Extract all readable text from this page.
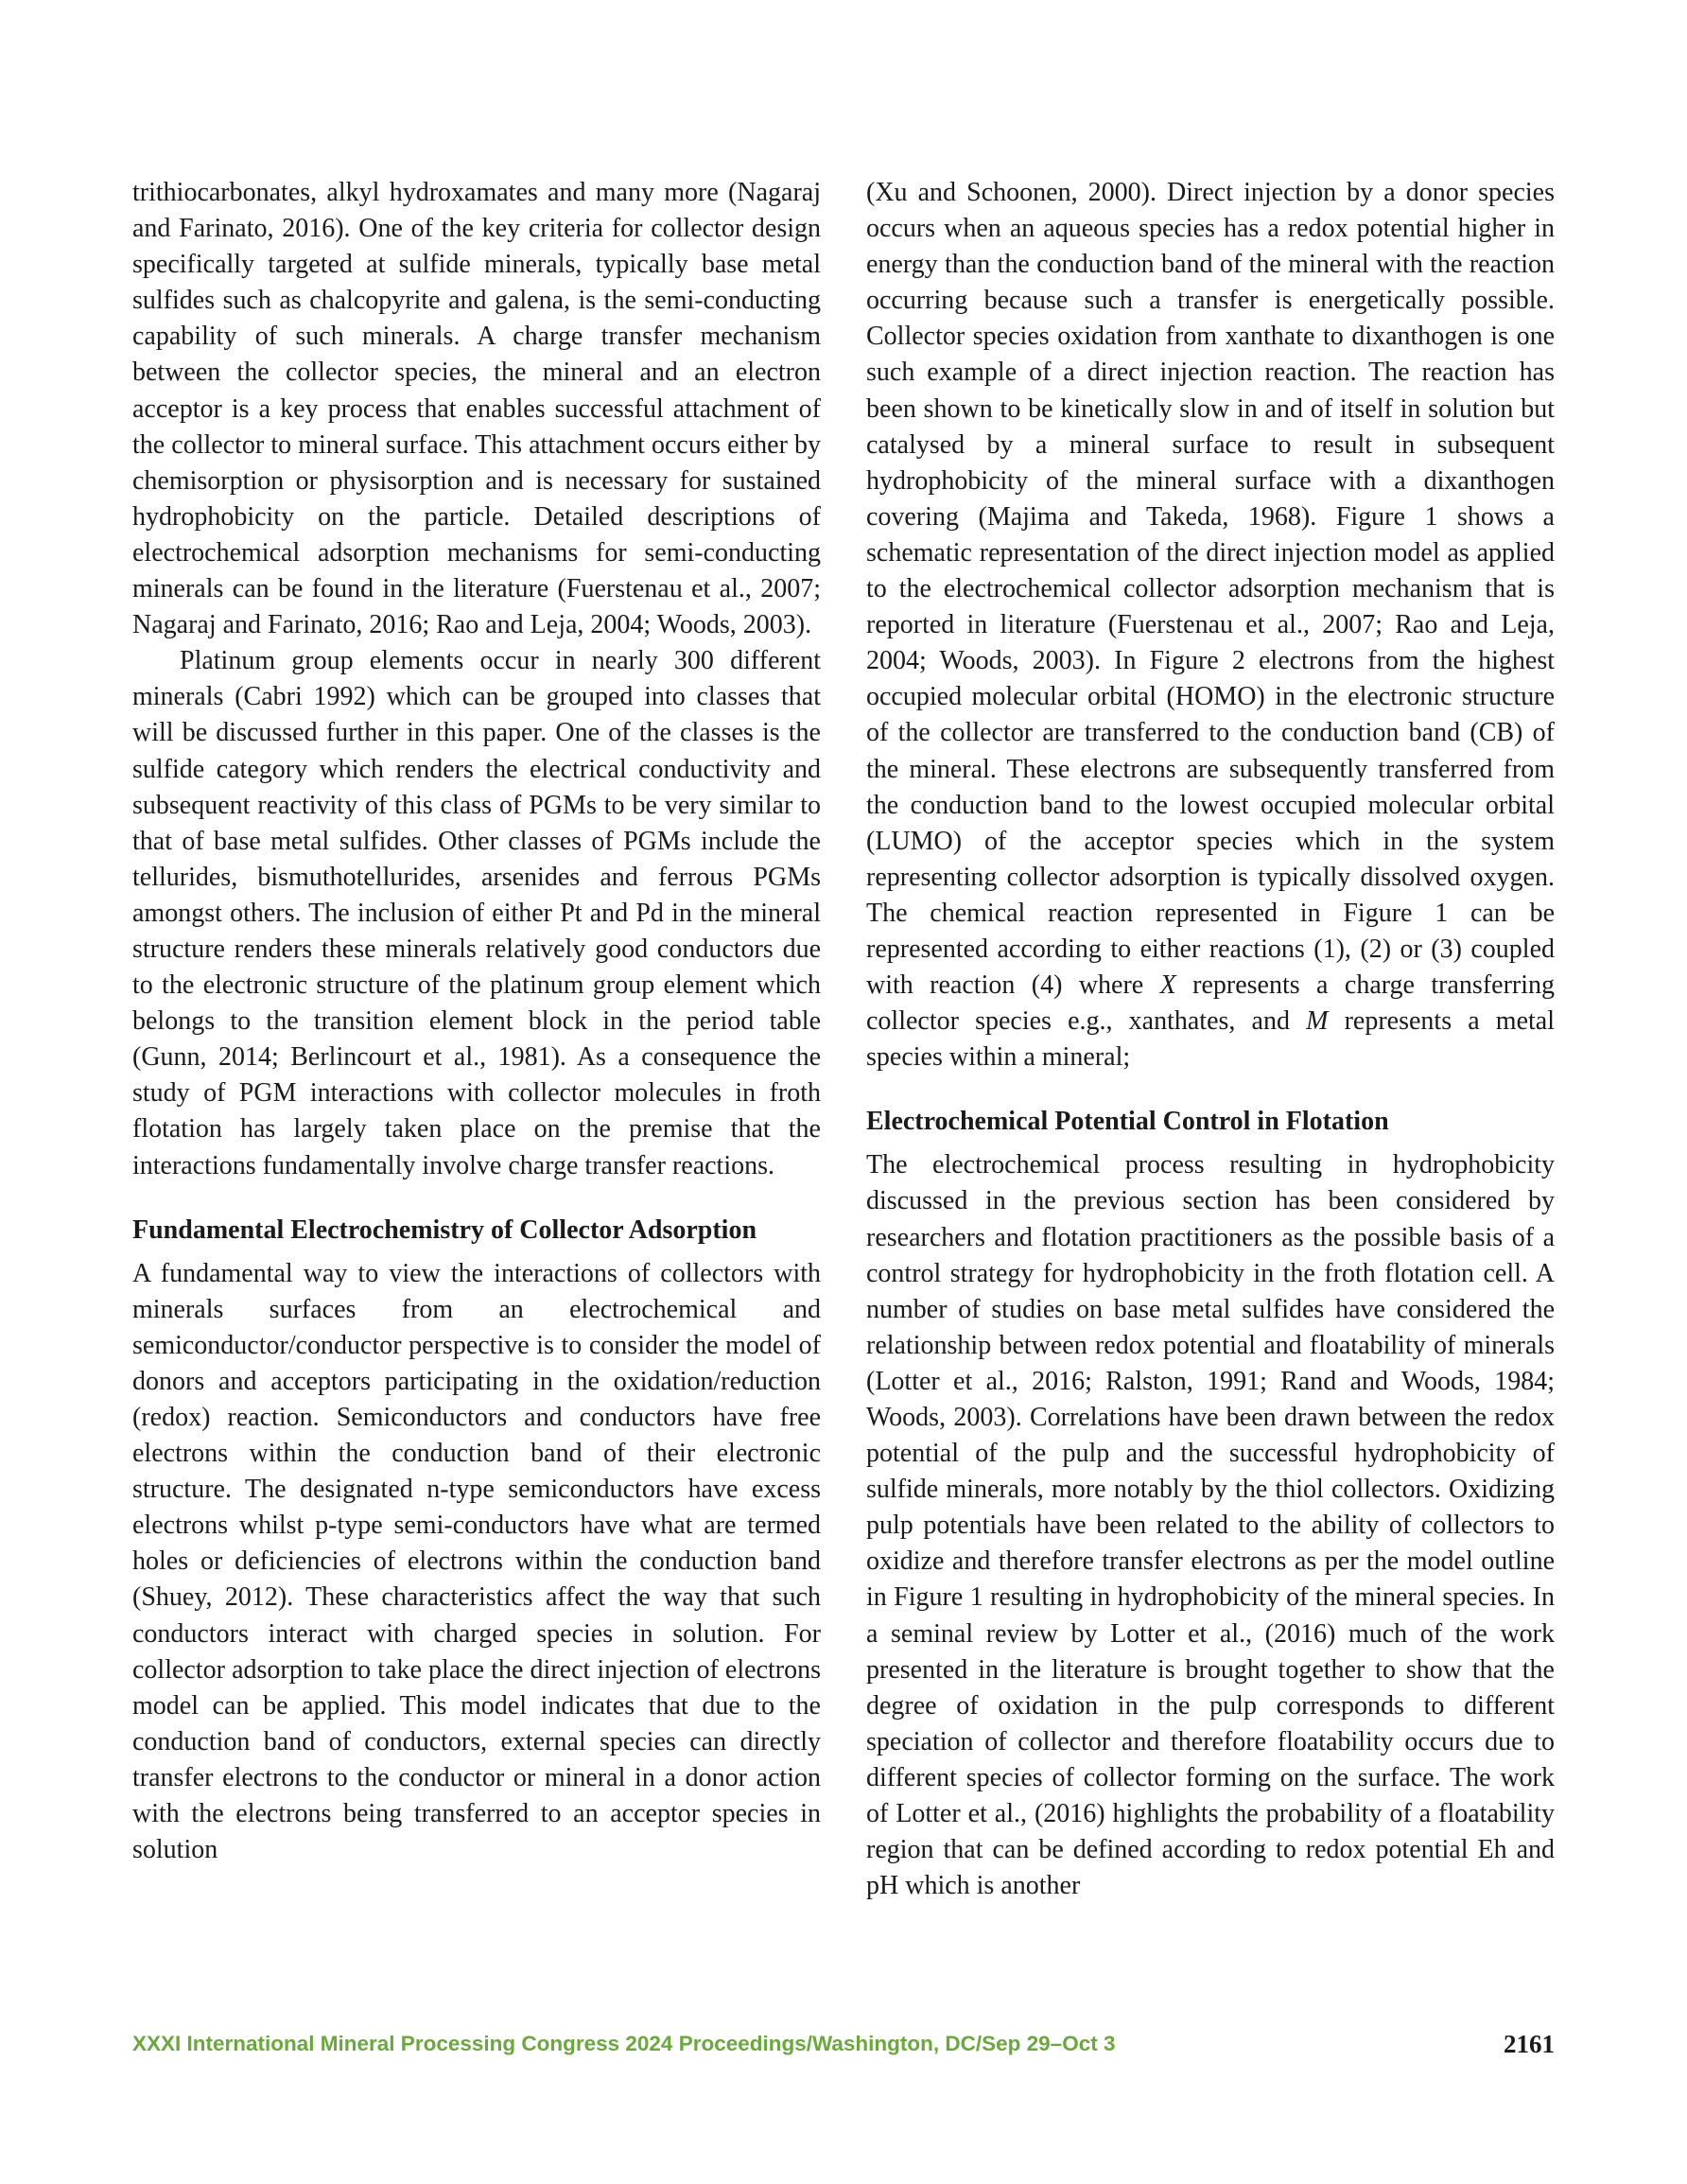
trithiocarbonates, alkyl hydroxamates and many more (Nagaraj and Farinato, 2016). One of the key criteria for collector design specifically targeted at sulfide minerals, typically base metal sulfides such as chalcopyrite and galena, is the semi-conducting capability of such minerals. A charge transfer mechanism between the collector species, the mineral and an electron acceptor is a key process that enables successful attachment of the collector to mineral surface. This attachment occurs either by chemisorption or physisorption and is necessary for sustained hydrophobicity on the particle. Detailed descriptions of electrochemical adsorption mechanisms for semi-conducting minerals can be found in the literature (Fuerstenau et al., 2007; Nagaraj and Farinato, 2016; Rao and Leja, 2004; Woods, 2003).

Platinum group elements occur in nearly 300 different minerals (Cabri 1992) which can be grouped into classes that will be discussed further in this paper. One of the classes is the sulfide category which renders the electrical conductivity and subsequent reactivity of this class of PGMs to be very similar to that of base metal sulfides. Other classes of PGMs include the tellurides, bismuthotellurides, arsenides and ferrous PGMs amongst others. The inclusion of either Pt and Pd in the mineral structure renders these minerals relatively good conductors due to the electronic structure of the platinum group element which belongs to the transition element block in the period table (Gunn, 2014; Berlincourt et al., 1981). As a consequence the study of PGM interactions with collector molecules in froth flotation has largely taken place on the premise that the interactions fundamentally involve charge transfer reactions.

Fundamental Electrochemistry of Collector Adsorption

A fundamental way to view the interactions of collectors with minerals surfaces from an electrochemical and semiconductor/conductor perspective is to consider the model of donors and acceptors participating in the oxidation/reduction (redox) reaction. Semiconductors and conductors have free electrons within the conduction band of their electronic structure. The designated n-type semiconductors have excess electrons whilst p-type semi-conductors have what are termed holes or deficiencies of electrons within the conduction band (Shuey, 2012). These characteristics affect the way that such conductors interact with charged species in solution. For collector adsorption to take place the direct injection of electrons model can be applied. This model indicates that due to the conduction band of conductors, external species can directly transfer electrons to the conductor or mineral in a donor action with the electrons being transferred to an acceptor species in solution

(Xu and Schoonen, 2000). Direct injection by a donor species occurs when an aqueous species has a redox potential higher in energy than the conduction band of the mineral with the reaction occurring because such a transfer is energetically possible. Collector species oxidation from xanthate to dixanthogen is one such example of a direct injection reaction. The reaction has been shown to be kinetically slow in and of itself in solution but catalysed by a mineral surface to result in subsequent hydrophobicity of the mineral surface with a dixanthogen covering (Majima and Takeda, 1968). Figure 1 shows a schematic representation of the direct injection model as applied to the electrochemical collector adsorption mechanism that is reported in literature (Fuerstenau et al., 2007; Rao and Leja, 2004; Woods, 2003). In Figure 2 electrons from the highest occupied molecular orbital (HOMO) in the electronic structure of the collector are transferred to the conduction band (CB) of the mineral. These electrons are subsequently transferred from the conduction band to the lowest occupied molecular orbital (LUMO) of the acceptor species which in the system representing collector adsorption is typically dissolved oxygen. The chemical reaction represented in Figure 1 can be represented according to either reactions (1), (2) or (3) coupled with reaction (4) where X represents a charge transferring collector species e.g., xanthates, and M represents a metal species within a mineral;

Electrochemical Potential Control in Flotation

The electrochemical process resulting in hydrophobicity discussed in the previous section has been considered by researchers and flotation practitioners as the possible basis of a control strategy for hydrophobicity in the froth flotation cell. A number of studies on base metal sulfides have considered the relationship between redox potential and floatability of minerals (Lotter et al., 2016; Ralston, 1991; Rand and Woods, 1984; Woods, 2003). Correlations have been drawn between the redox potential of the pulp and the successful hydrophobicity of sulfide minerals, more notably by the thiol collectors. Oxidizing pulp potentials have been related to the ability of collectors to oxidize and therefore transfer electrons as per the model outline in Figure 1 resulting in hydrophobicity of the mineral species. In a seminal review by Lotter et al., (2016) much of the work presented in the literature is brought together to show that the degree of oxidation in the pulp corresponds to different speciation of collector and therefore floatability occurs due to different species of collector forming on the surface. The work of Lotter et al., (2016) highlights the probability of a floatability region that can be defined according to redox potential Eh and pH which is another

XXXI International Mineral Processing Congress 2024 Proceedings/Washington, DC/Sep 29–Oct 3	2161
